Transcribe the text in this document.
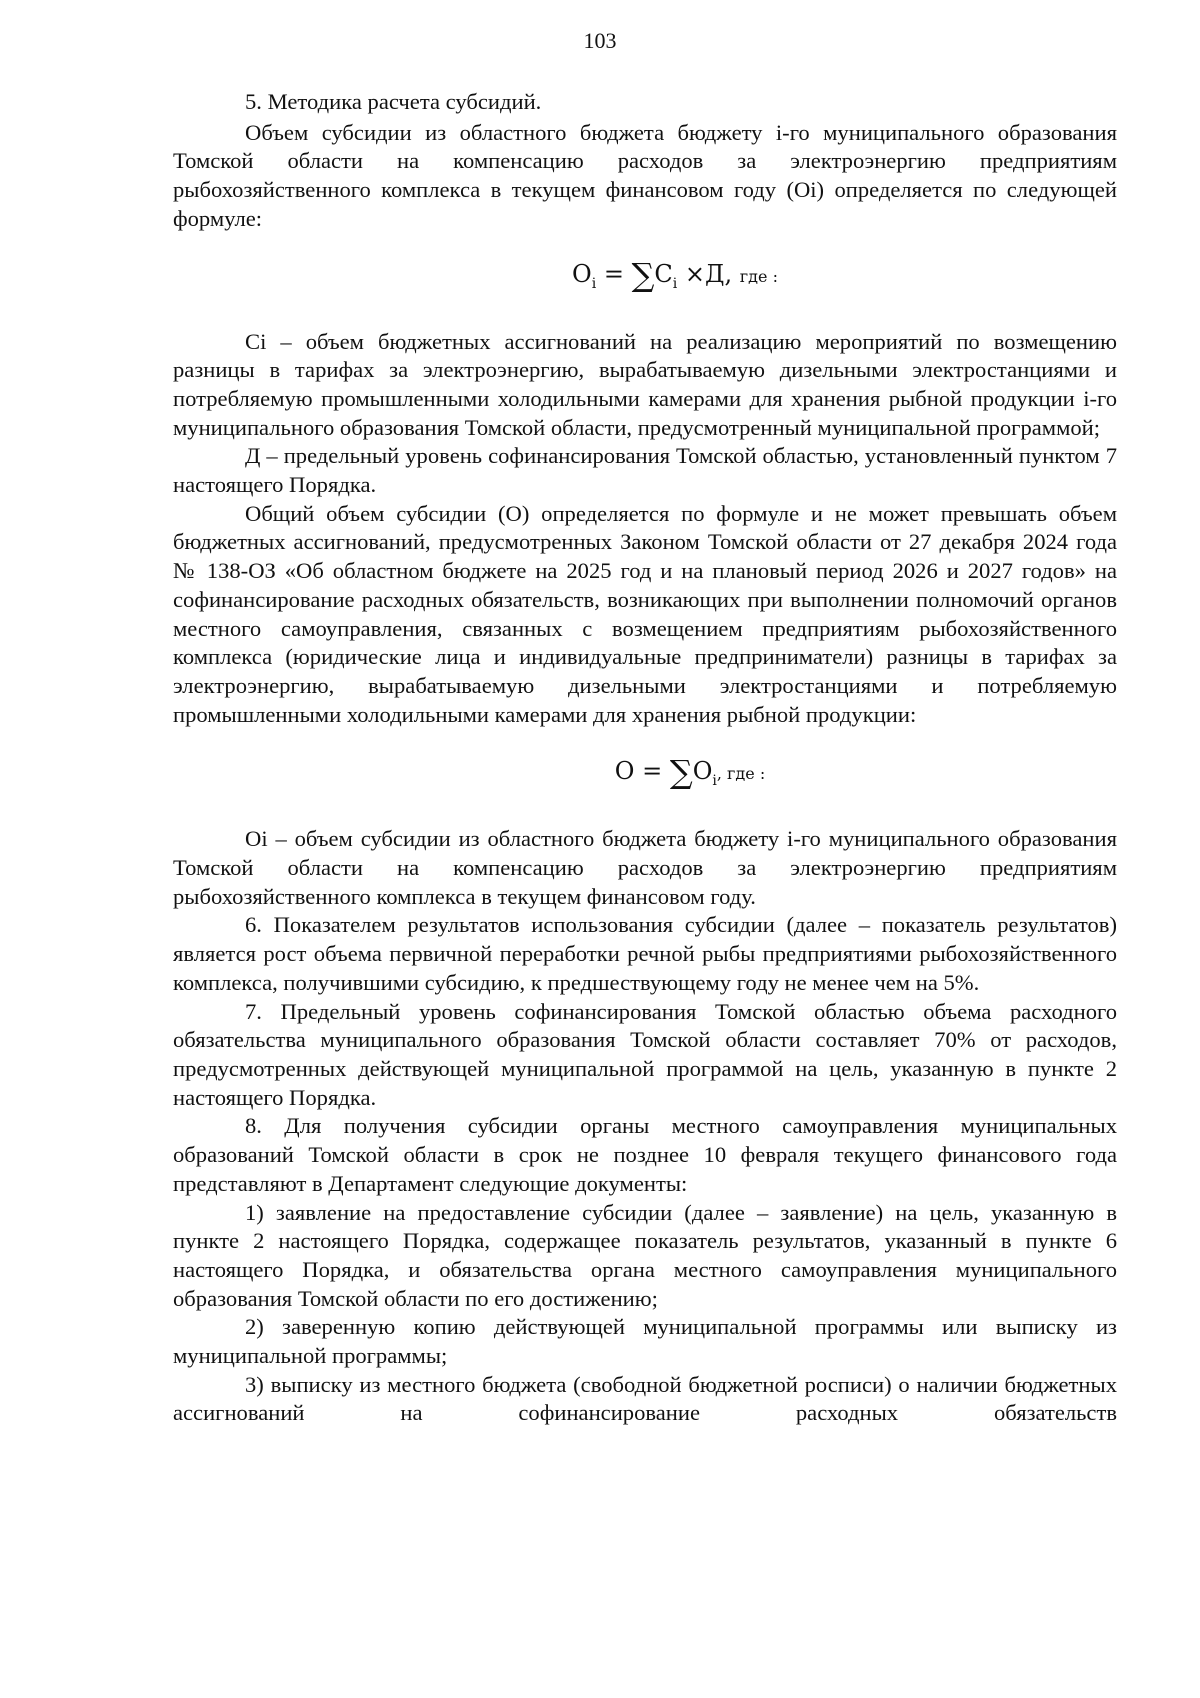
103

5. Методика расчета субсидий.

Объем субсидии из областного бюджета бюджету i-го муниципального образования Томской области на компенсацию расходов за электроэнергию предприятиям рыбохозяйственного комплекса в текущем финансовом году (Oi) определяется по следующей формуле:

$O_i = \sum C_i \times Д$, где :

Ci – объем бюджетных ассигнований на реализацию мероприятий по возмещению разницы в тарифах за электроэнергию, вырабатываемую дизельными электростанциями и потребляемую промышленными холодильными камерами для хранения рыбной продукции i-го муниципального образования Томской области, предусмотренный муниципальной программой;

Д – предельный уровень софинансирования Томской областью, установленный пунктом 7 настоящего Порядка.

Общий объем субсидии (О) определяется по формуле и не может превышать объем бюджетных ассигнований, предусмотренных Законом Томской области от 27 декабря 2024 года № 138-ОЗ «Об областном бюджете на 2025 год и на плановый период 2026 и 2027 годов» на софинансирование расходных обязательств, возникающих при выполнении полномочий органов местного самоуправления, связанных с возмещением предприятиям рыбохозяйственного комплекса (юридические лица и индивидуальные предприниматели) разницы в тарифах за электроэнергию, вырабатываемую дизельными электростанциями и потребляемую промышленными холодильными камерами для хранения рыбной продукции:

$O = \sum O_i$, где :

Oi – объем субсидии из областного бюджета бюджету i-го муниципального образования Томской области на компенсацию расходов за электроэнергию предприятиям рыбохозяйственного комплекса в текущем финансовом году.

6. Показателем результатов использования субсидии (далее – показатель результатов) является рост объема первичной переработки речной рыбы предприятиями рыбохозяйственного комплекса, получившими субсидию, к предшествующему году не менее чем на 5%.

7. Предельный уровень софинансирования Томской областью объема расходного обязательства муниципального образования Томской области составляет 70% от расходов, предусмотренных действующей муниципальной программой на цель, указанную в пункте 2 настоящего Порядка.

8. Для получения субсидии органы местного самоуправления муниципальных образований Томской области в срок не позднее 10 февраля текущего финансового года представляют в Департамент следующие документы:

1) заявление на предоставление субсидии (далее – заявление) на цель, указанную в пункте 2 настоящего Порядка, содержащее показатель результатов, указанный в пункте 6 настоящего Порядка, и обязательства органа местного самоуправления муниципального образования Томской области по его достижению;

2) заверенную копию действующей муниципальной программы или выписку из муниципальной программы;

3) выписку из местного бюджета (свободной бюджетной росписи) о наличии бюджетных ассигнований на софинансирование расходных обязательств
